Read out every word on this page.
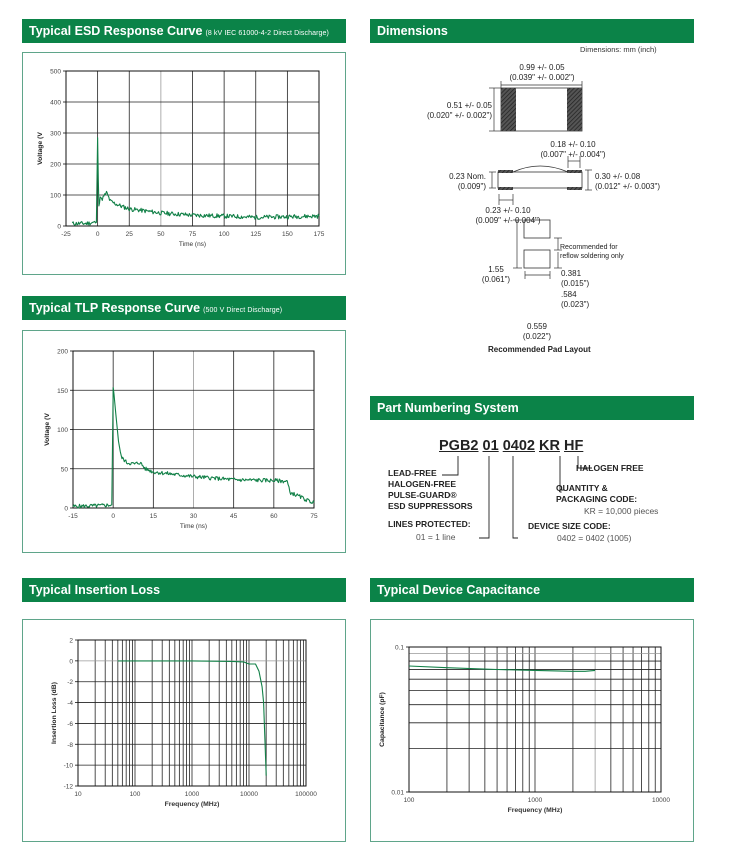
Typical ESD Response Curve (8 kV IEC 61000-4-2 Direct Discharge)
0
100
200
300
400
500
-25	0	25	50	75	100	125	150	175
Time (ns)
Voltage (V
Typical TLP Response Curve (500 V Direct Discharge)
0
50
100
150
200
-15	0	15	30	45	60	75
Time (ns)
Voltage (V
Typical Insertion Loss
2
0
-2
-4
-6
-8
-10
-12
10	100	1000	10000	100000
Frequency (MHz)
Insertion Loss (dB)
Dimensions
Dimensions: mm (inch)
0.99 +/- 0.05
(0.039" +/- 0.002")
0.51 +/- 0.05
(0.020" +/- 0.002")
0.18 +/- 0.10
(0.007" +/- 0.004")
0.23 Nom.
(0.009")
0.30 +/- 0.08
(0.012" +/- 0.003")
0.23 +/- 0.10
(0.009" +/- 0.004")
Recommended for
reflow soldering only
1.55
(0.061")
0.381
(0.015")
.584
(0.023")
0.559
(0.022")
Recommended Pad Layout
Part Numbering System
PGB2 01 0402 KR HF
LEAD-FREE
HALOGEN-FREE
PULSE-GUARD®
ESD SUPPRESSORS
LINES PROTECTED:
01 = 1 line
DEVICE SIZE CODE:
0402 = 0402 (1005)
QUANTITY &
PACKAGING CODE:
KR = 10,000 pieces
HALOGEN FREE
Typical Device Capacitance
0.01
0.1
100	1000	10000
Frequency (MHz)
Capacitance (pF)
